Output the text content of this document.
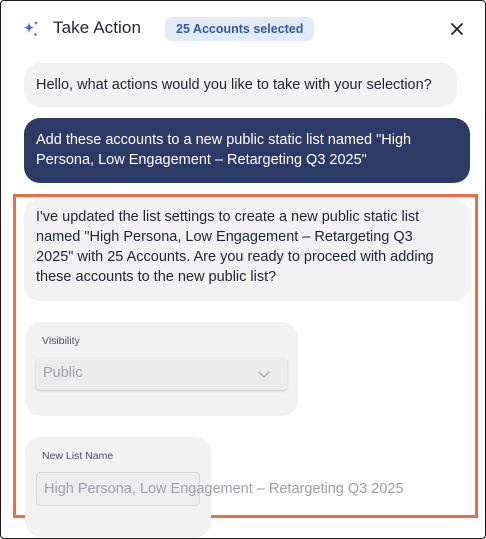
Take Action	25 Accounts selected
Hello, what actions would you like to take with your selection?
Add these accounts to a new public static list named "High
Persona, Low Engagement – Retargeting Q3 2025"
I've updated the list settings to create a new public static list
named "High Persona, Low Engagement – Retargeting Q3
2025" with 25 Accounts. Are you ready to proceed with adding
these accounts to the new public list?
Visibility
Public
New List Name
High Persona, Low Engagement – Retargeting Q3 2025
